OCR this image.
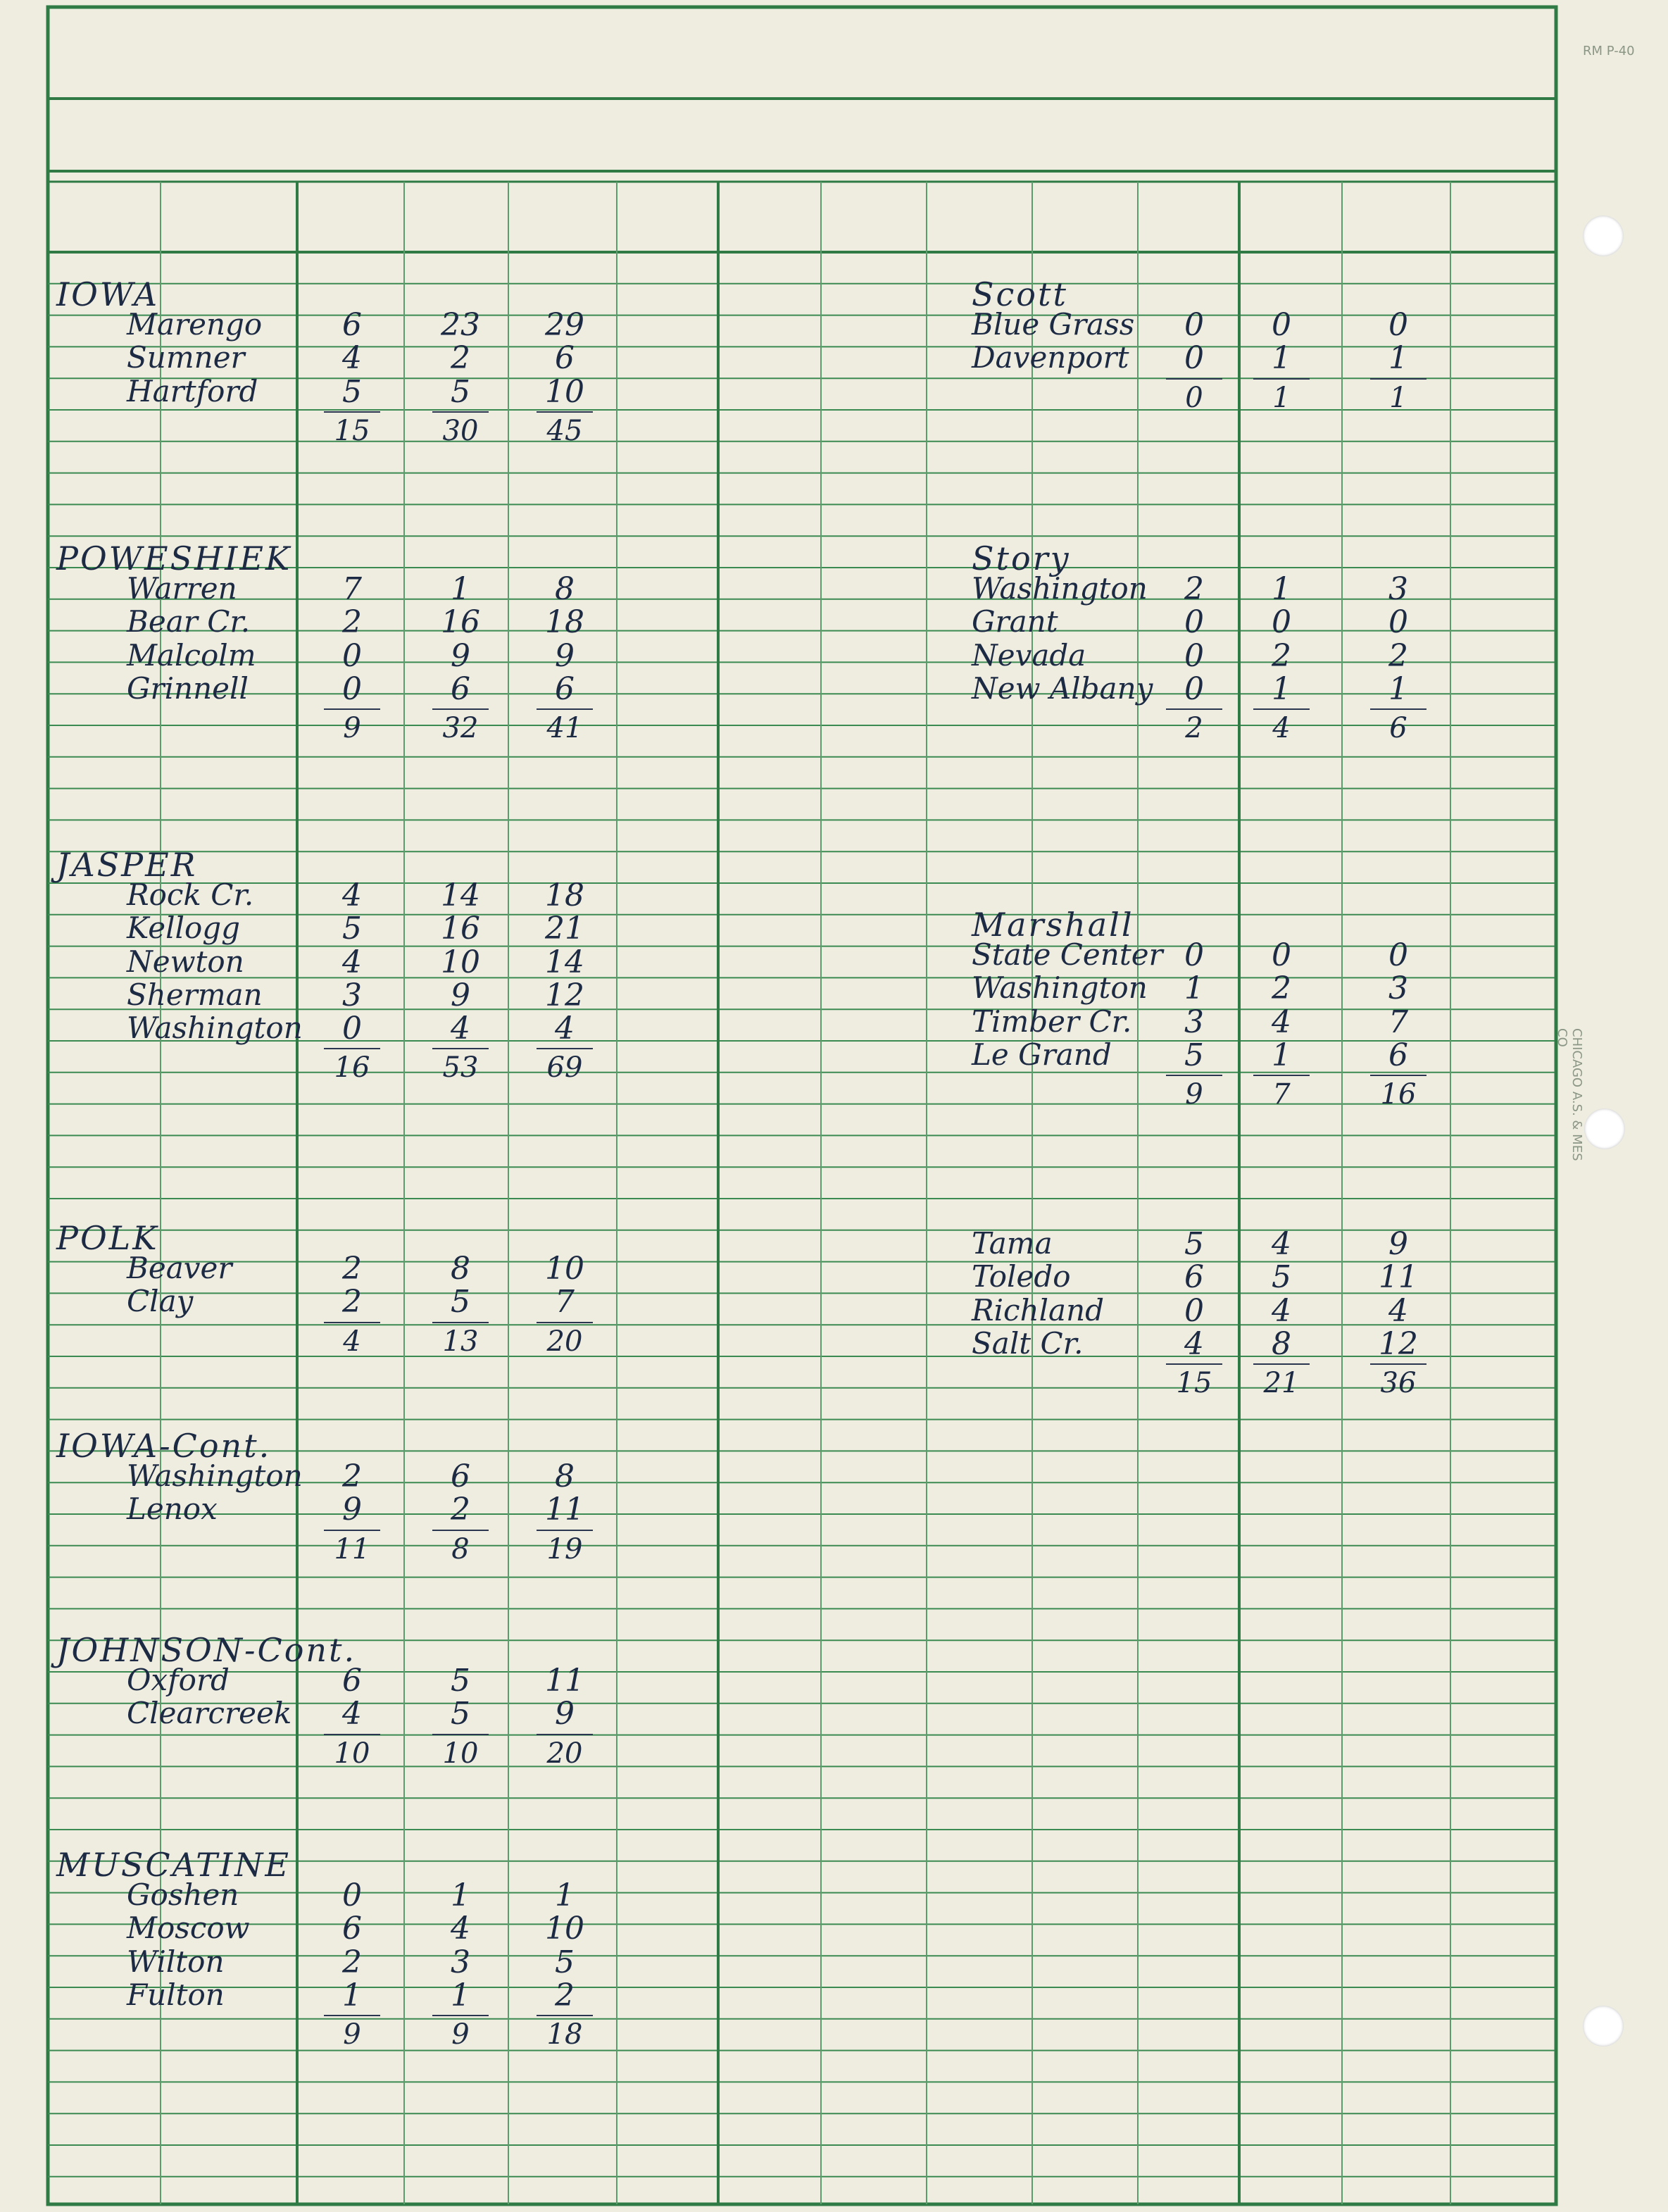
RM P-40
CHICAGO A.S. & MES CO
IOWA
Marengo	6	23	29
Sumner	4	2	6
Hartford	5	5	10
15	30	45
POWESHIEK
Warren	7	1	8
Bear Cr.	2	16	18
Malcolm	0	9	9
Grinnell	0	6	6
9	32	41
JASPER
Rock Cr.	4	14	18
Kellogg	5	16	21
Newton	4	10	14
Sherman	3	9	12
Washington	0	4	4
16	53	69
POLK
Beaver	2	8	10
Clay	2	5	7
4	13	20
IOWA-Cont.
Washington	2	6	8
Lenox	9	2	11
11	8	19
JOHNSON-Cont.
Oxford	6	5	11
Clearcreek	4	5	9
10	10	20
MUSCATINE
Goshen	0	1	1
Moscow	6	4	10
Wilton	2	3	5
Fulton	1	1	2
9	9	18
Scott
Blue Grass	0	0	0
Davenport	0	1	1
0	1	1
Story
Washington	2	1	3
Grant	0	0	0
Nevada	0	2	2
New Albany	0	1	1
2	4	6
Marshall
State Center 0	0	0
Washington	1	2	3
Timber Cr.	3	4	7
Le Grand	5	1	6
9	7	16
Tama	5	4	9
Toledo	6	5	11
Richland	0	4	4
Salt Cr.	4	8	12
15	21	36
